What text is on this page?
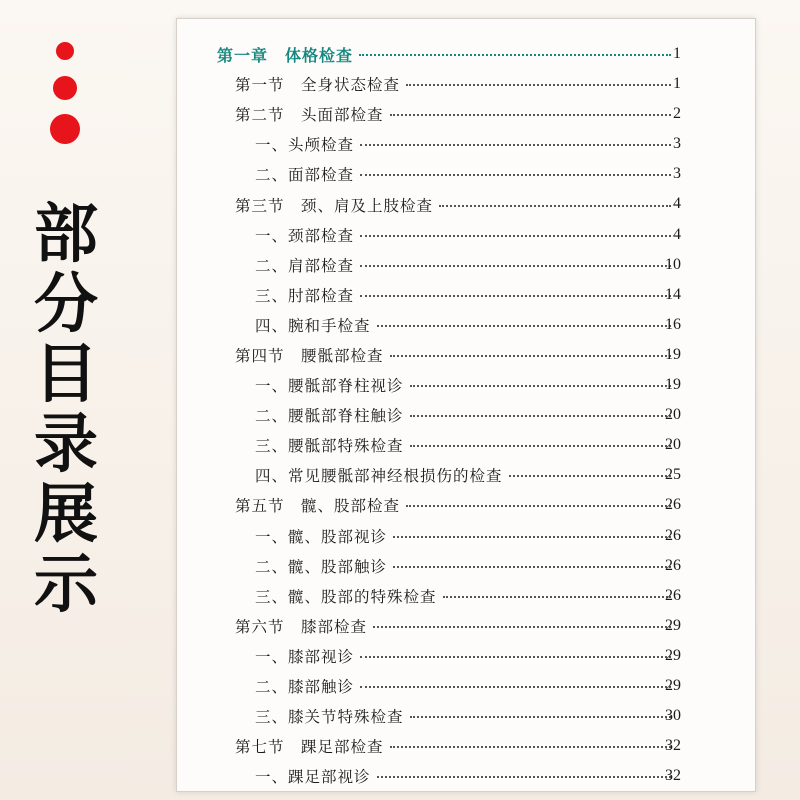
部分目录展示
第一章　体格检查	1
第一节　全身状态检查	1
第二节　头面部检查	2
一、头颅检查	3
二、面部检查	3
第三节　颈、肩及上肢检查	4
一、颈部检查	4
二、肩部检查	10
三、肘部检查	14
四、腕和手检查	16
第四节　腰骶部检查	19
一、腰骶部脊柱视诊	19
二、腰骶部脊柱触诊	20
三、腰骶部特殊检查	20
四、常见腰骶部神经根损伤的检查	25
第五节　髋、股部检查	26
一、髋、股部视诊	26
二、髋、股部触诊	26
三、髋、股部的特殊检查	26
第六节　膝部检查	29
一、膝部视诊	29
二、膝部触诊	29
三、膝关节特殊检查	30
第七节　踝足部检查	32
一、踝足部视诊	32
